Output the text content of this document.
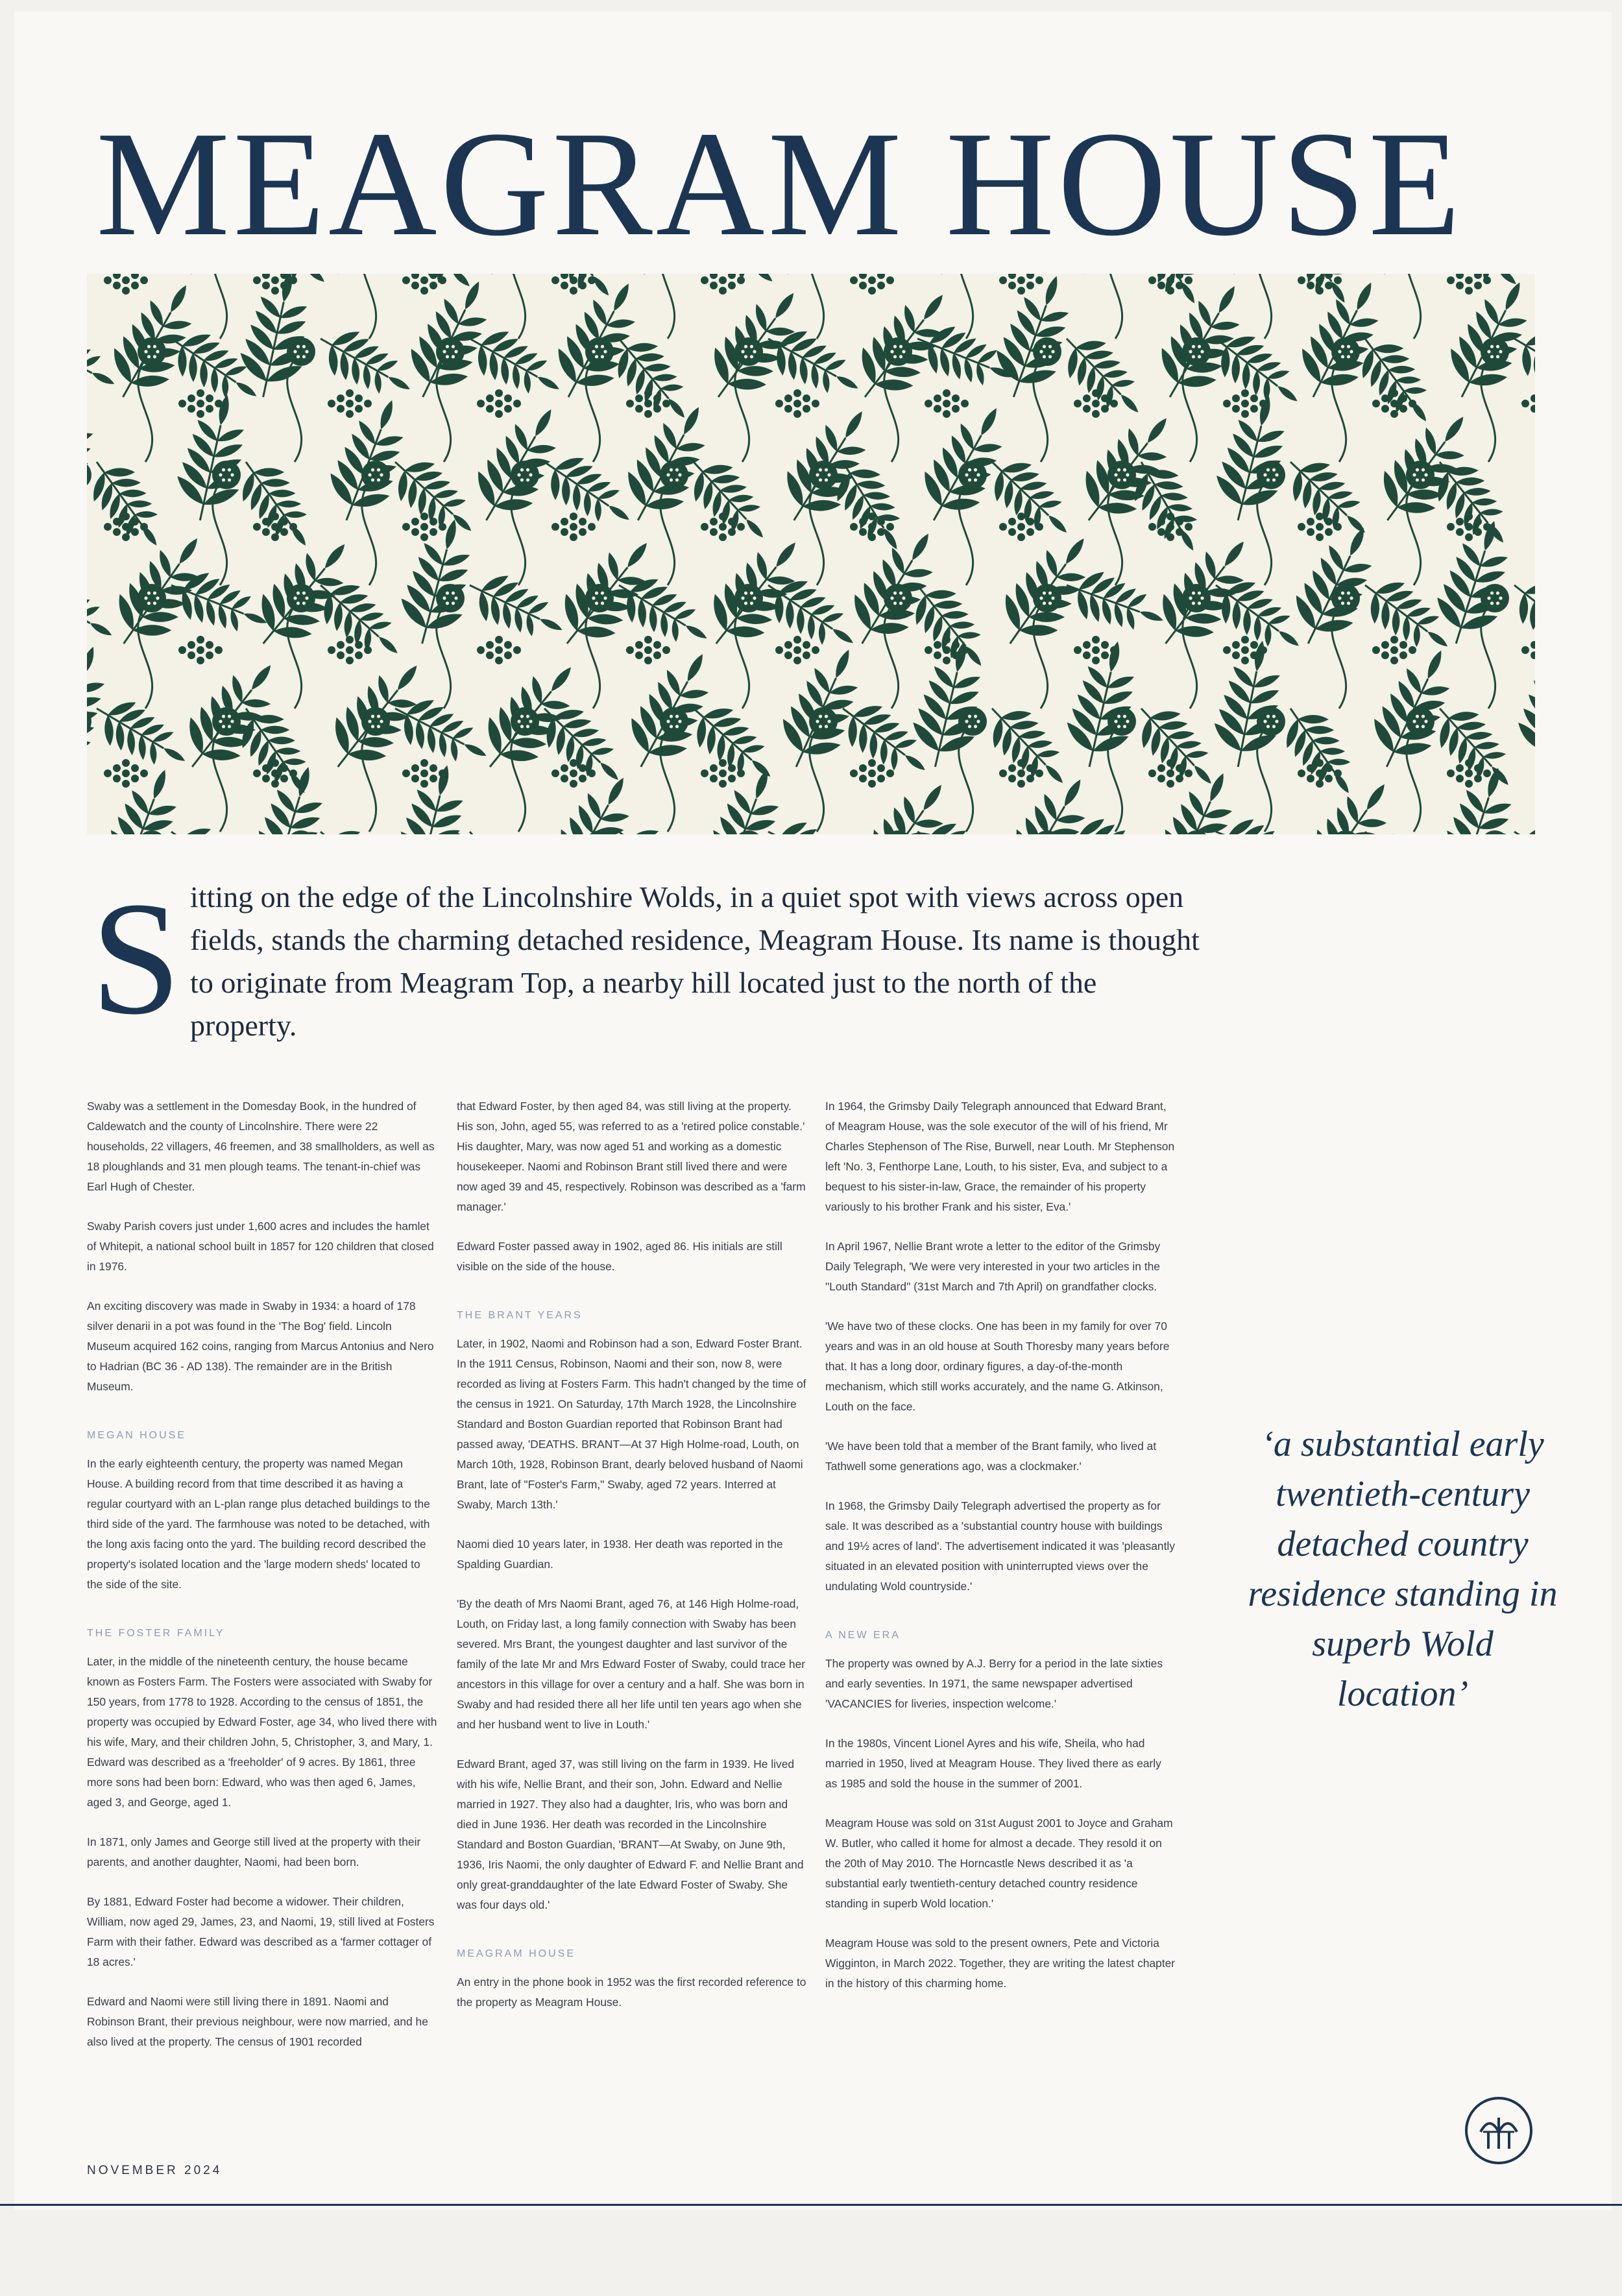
MEAGRAM HOUSE

Sitting on the edge of the Lincolnshire Wolds, in a quiet spot with views across open fields, stands the charming detached residence, Meagram House. Its name is thought to originate from Meagram Top, a nearby hill located just to the north of the property.

Swaby was a settlement in the Domesday Book, in the hundred of Caldewatch and the county of Lincolnshire. There were 22 households, 22 villagers, 46 freemen, and 38 smallholders, as well as 18 ploughlands and 31 men plough teams. The tenant-in-chief was Earl Hugh of Chester.

Swaby Parish covers just under 1,600 acres and includes the hamlet of Whitepit, a national school built in 1857 for 120 children that closed in 1976.

An exciting discovery was made in Swaby in 1934: a hoard of 178 silver denarii in a pot was found in the 'The Bog' field. Lincoln Museum acquired 162 coins, ranging from Marcus Antonius and Nero to Hadrian (BC 36 - AD 138). The remainder are in the British Museum.

MEGAN HOUSE

In the early eighteenth century, the property was named Megan House. A building record from that time described it as having a regular courtyard with an L-plan range plus detached buildings to the third side of the yard. The farmhouse was noted to be detached, with the long axis facing onto the yard. The building record described the property's isolated location and the 'large modern sheds' located to the side of the site.

THE FOSTER FAMILY

Later, in the middle of the nineteenth century, the house became known as Fosters Farm. The Fosters were associated with Swaby for 150 years, from 1778 to 1928. According to the census of 1851, the property was occupied by Edward Foster, age 34, who lived there with his wife, Mary, and their children John, 5, Christopher, 3, and Mary, 1. Edward was described as a 'freeholder' of 9 acres. By 1861, three more sons had been born: Edward, who was then aged 6, James, aged 3, and George, aged 1.

In 1871, only James and George still lived at the property with their parents, and another daughter, Naomi, had been born.

By 1881, Edward Foster had become a widower. Their children, William, now aged 29, James, 23, and Naomi, 19, still lived at Fosters Farm with their father. Edward was described as a 'farmer cottager of 18 acres.'

Edward and Naomi were still living there in 1891. Naomi and Robinson Brant, their previous neighbour, were now married, and he also lived at the property. The census of 1901 recorded

that Edward Foster, by then aged 84, was still living at the property. His son, John, aged 55, was referred to as a 'retired police constable.' His daughter, Mary, was now aged 51 and working as a domestic housekeeper. Naomi and Robinson Brant still lived there and were now aged 39 and 45, respectively. Robinson was described as a 'farm manager.'

Edward Foster passed away in 1902, aged 86. His initials are still visible on the side of the house.

THE BRANT YEARS

Later, in 1902, Naomi and Robinson had a son, Edward Foster Brant. In the 1911 Census, Robinson, Naomi and their son, now 8, were recorded as living at Fosters Farm. This hadn't changed by the time of the census in 1921. On Saturday, 17th March 1928, the Lincolnshire Standard and Boston Guardian reported that Robinson Brant had passed away, 'DEATHS. BRANT—At 37 High Holme-road, Louth, on March 10th, 1928, Robinson Brant, dearly beloved husband of Naomi Brant, late of "Foster's Farm," Swaby, aged 72 years. Interred at Swaby, March 13th.'

Naomi died 10 years later, in 1938. Her death was reported in the Spalding Guardian.

'By the death of Mrs Naomi Brant, aged 76, at 146 High Holme-road, Louth, on Friday last, a long family connection with Swaby has been severed. Mrs Brant, the youngest daughter and last survivor of the family of the late Mr and Mrs Edward Foster of Swaby, could trace her ancestors in this village for over a century and a half. She was born in Swaby and had resided there all her life until ten years ago when she and her husband went to live in Louth.'

Edward Brant, aged 37, was still living on the farm in 1939. He lived with his wife, Nellie Brant, and their son, John. Edward and Nellie married in 1927. They also had a daughter, Iris, who was born and died in June 1936. Her death was recorded in the Lincolnshire Standard and Boston Guardian, 'BRANT—At Swaby, on June 9th, 1936, Iris Naomi, the only daughter of Edward F. and Nellie Brant and only great-granddaughter of the late Edward Foster of Swaby. She was four days old.'

MEAGRAM HOUSE

An entry in the phone book in 1952 was the first recorded reference to the property as Meagram House.

In 1964, the Grimsby Daily Telegraph announced that Edward Brant, of Meagram House, was the sole executor of the will of his friend, Mr Charles Stephenson of The Rise, Burwell, near Louth. Mr Stephenson left 'No. 3, Fenthorpe Lane, Louth, to his sister, Eva, and subject to a bequest to his sister-in-law, Grace, the remainder of his property variously to his brother Frank and his sister, Eva.'

In April 1967, Nellie Brant wrote a letter to the editor of the Grimsby Daily Telegraph, 'We were very interested in your two articles in the "Louth Standard" (31st March and 7th April) on grandfather clocks.

'We have two of these clocks. One has been in my family for over 70 years and was in an old house at South Thoresby many years before that. It has a long door, ordinary figures, a day-of-the-month mechanism, which still works accurately, and the name G. Atkinson, Louth on the face.

'We have been told that a member of the Brant family, who lived at Tathwell some generations ago, was a clockmaker.'

In 1968, the Grimsby Daily Telegraph advertised the property as for sale. It was described as a 'substantial country house with buildings and 19½ acres of land'. The advertisement indicated it was 'pleasantly situated in an elevated position with uninterrupted views over the undulating Wold countryside.'

A NEW ERA

The property was owned by A.J. Berry for a period in the late sixties and early seventies. In 1971, the same newspaper advertised 'VACANCIES for liveries, inspection welcome.'

In the 1980s, Vincent Lionel Ayres and his wife, Sheila, who had married in 1950, lived at Meagram House. They lived there as early as 1985 and sold the house in the summer of 2001.

Meagram House was sold on 31st August 2001 to Joyce and Graham W. Butler, who called it home for almost a decade. They resold it on the 20th of May 2010. The Horncastle News described it as 'a substantial early twentieth-century detached country residence standing in superb Wold location.'

Meagram House was sold to the present owners, Pete and Victoria Wigginton, in March 2022. Together, they are writing the latest chapter in the history of this charming home.

‘a substantial early twentieth-century detached country residence standing in superb Wold location’

NOVEMBER 2024
